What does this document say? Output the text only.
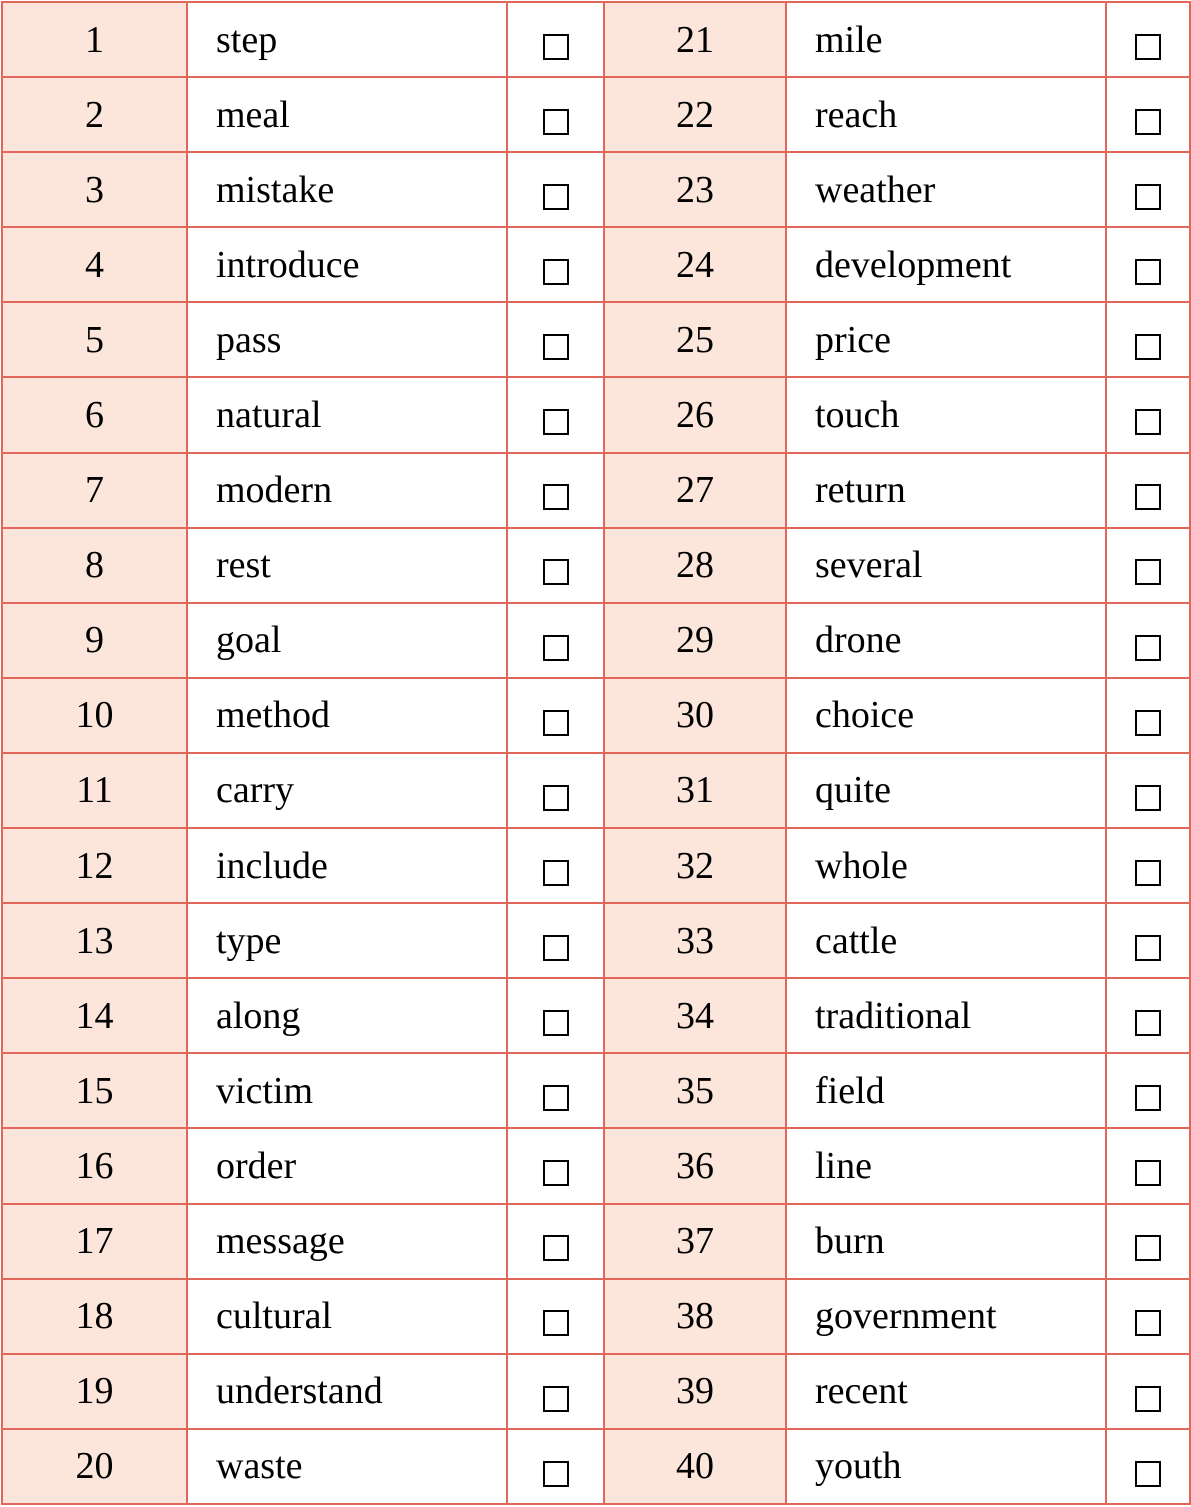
1	step		21	mile	
2	meal		22	reach	
3	mistake		23	weather	
4	introduce		24	development	
5	pass		25	price	
6	natural		26	touch	
7	modern		27	return	
8	rest		28	several	
9	goal		29	drone	
10	method		30	choice	
11	carry		31	quite	
12	include		32	whole	
13	type		33	cattle	
14	along		34	traditional	
15	victim		35	field	
16	order		36	line	
17	message		37	burn	
18	cultural		38	government	
19	understand		39	recent	
20	waste		40	youth	
